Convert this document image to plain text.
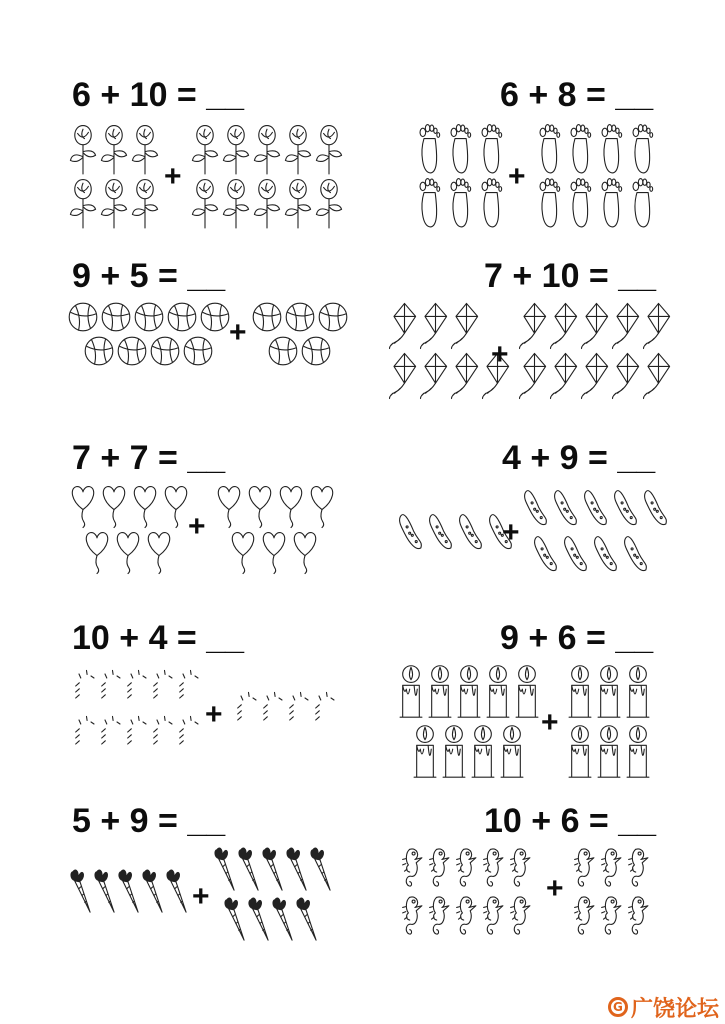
6 + 10 = __	6 + 8 = __
9 + 5 = __	7 + 10 = __
7 + 7 = __	4 + 9 = __
10 + 4 = __	9 + 6 = __
5 + 9 = __	10 + 6 = __
+	+
+
+
+	+
+	+
+	+
G 广饶论坛
